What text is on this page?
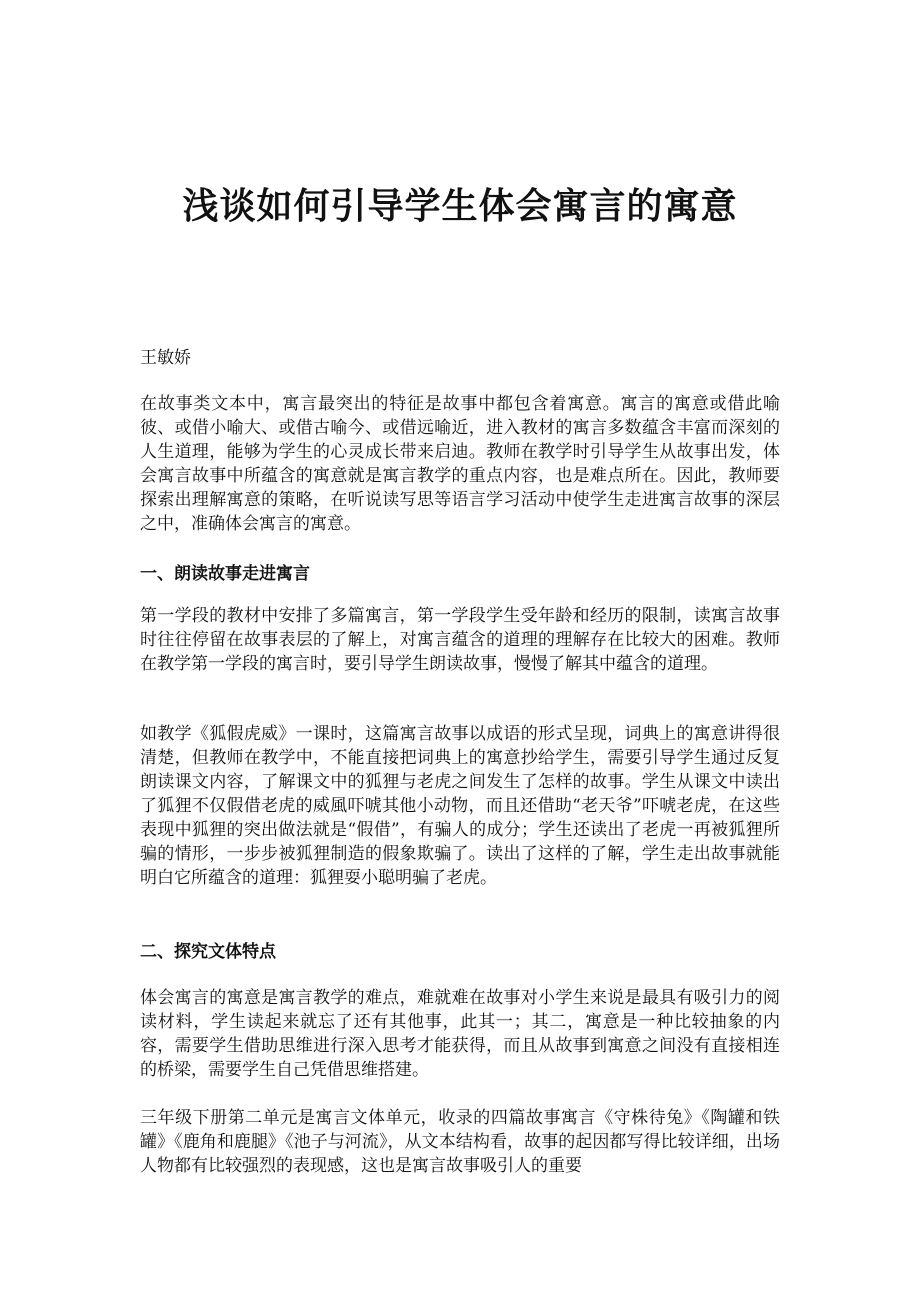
浅谈如何引导学生体会寓言的寓意
王敏娇

在故事类文本中，寓言最突出的特征是故事中都包含着寓意。寓言的寓意或借此喻彼、或借小喻大、或借古喻今、或借远喻近，进入教材的寓言多数蕴含丰富而深刻的人生道理，能够为学生的心灵成长带来启迪。教师在教学时引导学生从故事出发，体会寓言故事中所蕴含的寓意就是寓言教学的重点内容，也是难点所在。因此，教师要探索出理解寓意的策略，在听说读写思等语言学习活动中使学生走进寓言故事的深层之中，准确体会寓言的寓意。

一、朗读故事走进寓言

第一学段的教材中安排了多篇寓言，第一学段学生受年龄和经历的限制，读寓言故事时往往停留在故事表层的了解上，对寓言蕴含的道理的理解存在比较大的困难。教师在教学第一学段的寓言时，要引导学生朗读故事，慢慢了解其中蕴含的道理。

如教学《狐假虎威》一课时，这篇寓言故事以成语的形式呈现，词典上的寓意讲得很清楚，但教师在教学中，不能直接把词典上的寓意抄给学生，需要引导学生通过反复朗读课文内容，了解课文中的狐狸与老虎之间发生了怎样的故事。学生从课文中读出了狐狸不仅假借老虎的威風吓唬其他小动物，而且还借助“老天爷”吓唬老虎，在这些表现中狐狸的突出做法就是“假借”，有骗人的成分；学生还读出了老虎一再被狐狸所骗的情形，一步步被狐狸制造的假象欺骗了。读出了这样的了解，学生走出故事就能明白它所蕴含的道理：狐狸耍小聪明骗了老虎。

二、探究文体特点

体会寓言的寓意是寓言教学的难点，难就难在故事对小学生来说是最具有吸引力的阅读材料，学生读起来就忘了还有其他事，此其一；其二，寓意是一种比较抽象的内容，需要学生借助思维进行深入思考才能获得，而且从故事到寓意之间没有直接相连的桥梁，需要学生自己凭借思维搭建。

三年级下册第二单元是寓言文体单元，收录的四篇故事寓言《守株待兔》《陶罐和铁罐》《鹿角和鹿腿》《池子与河流》，从文本结构看，故事的起因都写得比较详细，出场人物都有比较强烈的表现感，这也是寓言故事吸引人的重要
